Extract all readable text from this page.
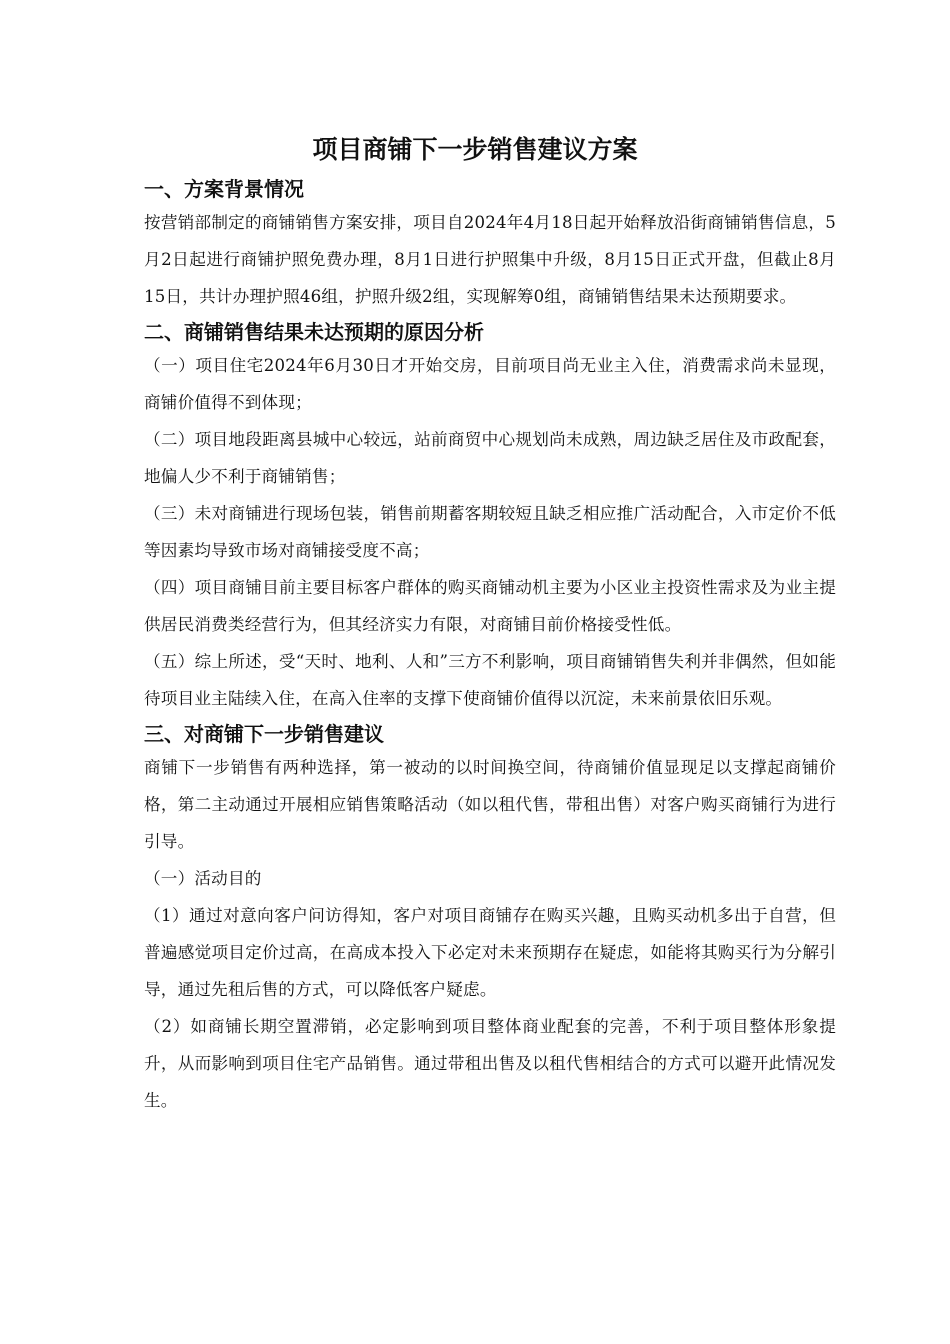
项目商铺下一步销售建议方案
一、方案背景情况

按营销部制定的商铺销售方案安排，项目自2024年4月18日起开始释放沿街商铺销售信息，5月2日起进行商铺护照免费办理，8月1日进行护照集中升级，8月15日正式开盘，但截止8月15日，共计办理护照46组，护照升级2组，实现解筹0组，商铺销售结果未达预期要求。

二、商铺销售结果未达预期的原因分析

（一）项目住宅2024年6月30日才开始交房，目前项目尚无业主入住，消费需求尚未显现，商铺价值得不到体现；

（二）项目地段距离县城中心较远，站前商贸中心规划尚未成熟，周边缺乏居住及市政配套，地偏人少不利于商铺销售；

（三）未对商铺进行现场包装，销售前期蓄客期较短且缺乏相应推广活动配合，入市定价不低等因素均导致市场对商铺接受度不高；

（四）项目商铺目前主要目标客户群体的购买商铺动机主要为小区业主投资性需求及为业主提供居民消费类经营行为，但其经济实力有限，对商铺目前价格接受性低。

（五）综上所述，受“天时、地利、人和”三方不利影响，项目商铺销售失利并非偶然，但如能待项目业主陆续入住，在高入住率的支撑下使商铺价值得以沉淀，未来前景依旧乐观。

三、对商铺下一步销售建议

商铺下一步销售有两种选择，第一被动的以时间换空间，待商铺价值显现足以支撑起商铺价格，第二主动通过开展相应销售策略活动（如以租代售，带租出售）对客户购买商铺行为进行引导。

（一）活动目的

（1）通过对意向客户问访得知，客户对项目商铺存在购买兴趣，且购买动机多出于自营，但普遍感觉项目定价过高，在高成本投入下必定对未来预期存在疑虑，如能将其购买行为分解引导，通过先租后售的方式，可以降低客户疑虑。

（2）如商铺长期空置滞销，必定影响到项目整体商业配套的完善，不利于项目整体形象提升，从而影响到项目住宅产品销售。通过带租出售及以租代售相结合的方式可以避开此情况发生。
